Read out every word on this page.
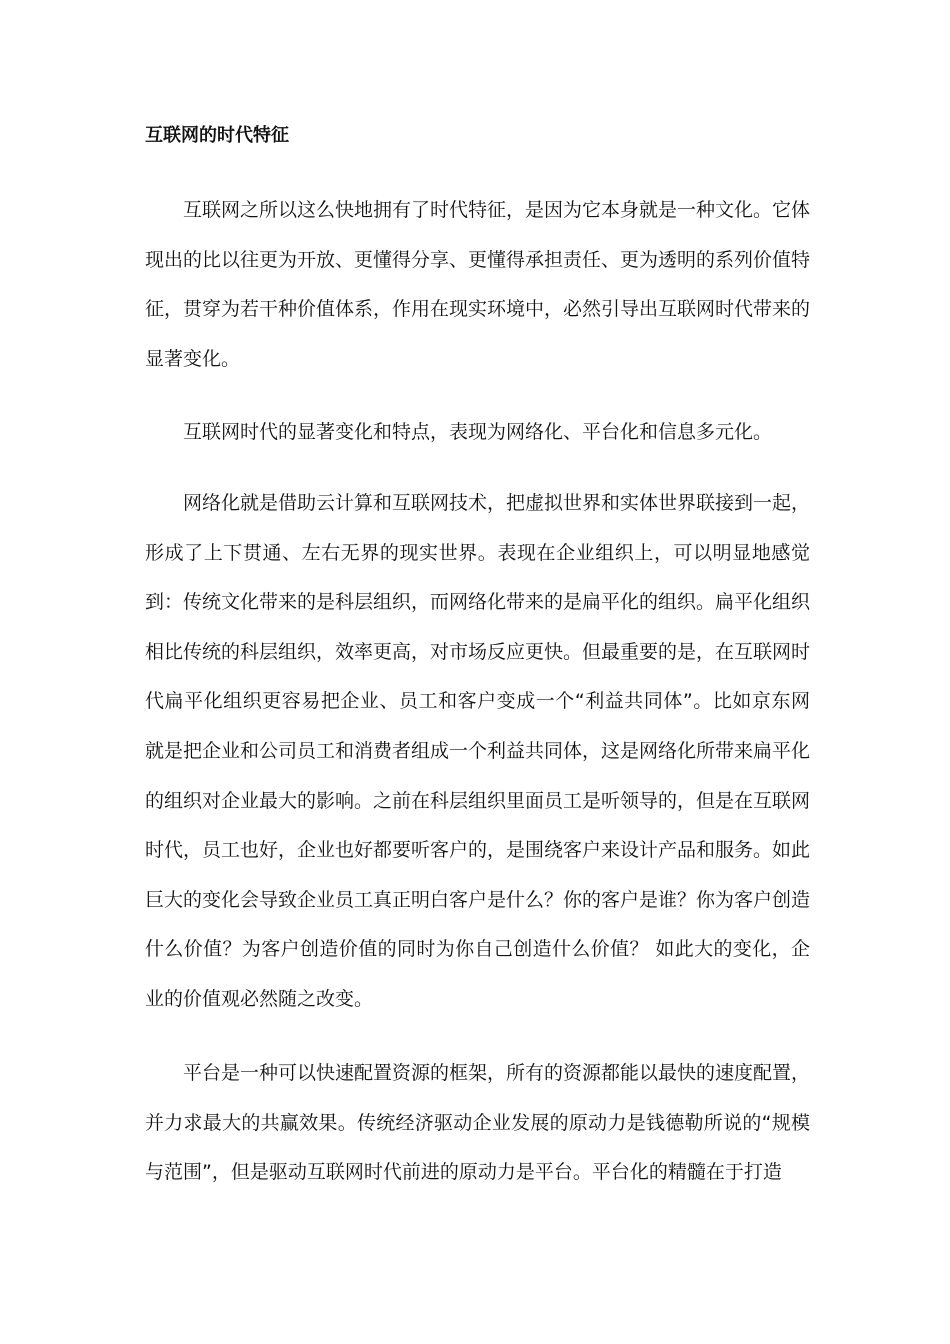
互联网的时代特征

互联网之所以这么快地拥有了时代特征，是因为它本身就是一种文化。它体现出的比以往更为开放、更懂得分享、更懂得承担责任、更为透明的系列价值特征，贯穿为若干种价值体系，作用在现实环境中，必然引导出互联网时代带来的显著变化。

互联网时代的显著变化和特点，表现为网络化、平台化和信息多元化。

网络化就是借助云计算和互联网技术，把虚拟世界和实体世界联接到一起，形成了上下贯通、左右无界的现实世界。表现在企业组织上，可以明显地感觉到：传统文化带来的是科层组织，而网络化带来的是扁平化的组织。扁平化组织相比传统的科层组织，效率更高，对市场反应更快。但最重要的是，在互联网时代扁平化组织更容易把企业、员工和客户变成一个“利益共同体”。比如京东网就是把企业和公司员工和消费者组成一个利益共同体，这是网络化所带来扁平化的组织对企业最大的影响。之前在科层组织里面员工是听领导的，但是在互联网时代，员工也好，企业也好都要听客户的，是围绕客户来设计产品和服务。如此巨大的变化会导致企业员工真正明白客户是什么？你的客户是谁？你为客户创造什么价值？为客户创造价值的同时为你自己创造什么价值？ 如此大的变化，企业的价值观必然随之改变。

平台是一种可以快速配置资源的框架，所有的资源都能以最快的速度配置，并力求最大的共赢效果。传统经济驱动企业发展的原动力是钱德勒所说的“规模与范围”，但是驱动互联网时代前进的原动力是平台。平台化的精髓在于打造
